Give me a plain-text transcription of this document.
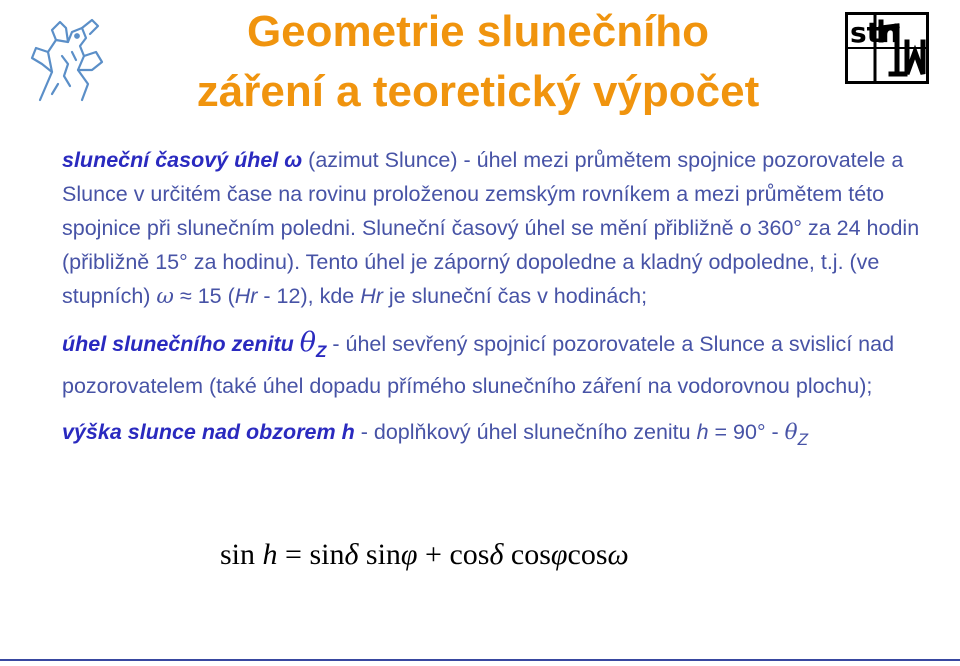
stn
Geometrie slunečního
záření a teoretický výpočet

sluneční časový úhel ω (azimut Slunce) - úhel mezi průmětem spojnice pozorovatele a Slunce v určitém čase na rovinu proloženou zemským rovníkem a mezi průmětem této spojnice při slunečním poledni. Sluneční časový úhel se mění přibližně o 360° za 24 hodin (přibližně 15° za hodinu). Tento úhel je záporný dopoledne a kladný odpoledne, t.j. (ve stupních) ω ≈ 15 (Hr - 12), kde Hr je sluneční čas v hodinách;

úhel slunečního zenitu $\theta_Z$ - úhel sevřený spojnicí pozorovatele a Slunce a svislicí nad pozorovatelem (také úhel dopadu přímého slunečního záření na vodorovnou plochu);

výška slunce nad obzorem h - doplňkový úhel slunečního zenitu $h = 90^\circ - \theta_Z$

sin h = sinδ sinφ + cosδ cosφcosω
